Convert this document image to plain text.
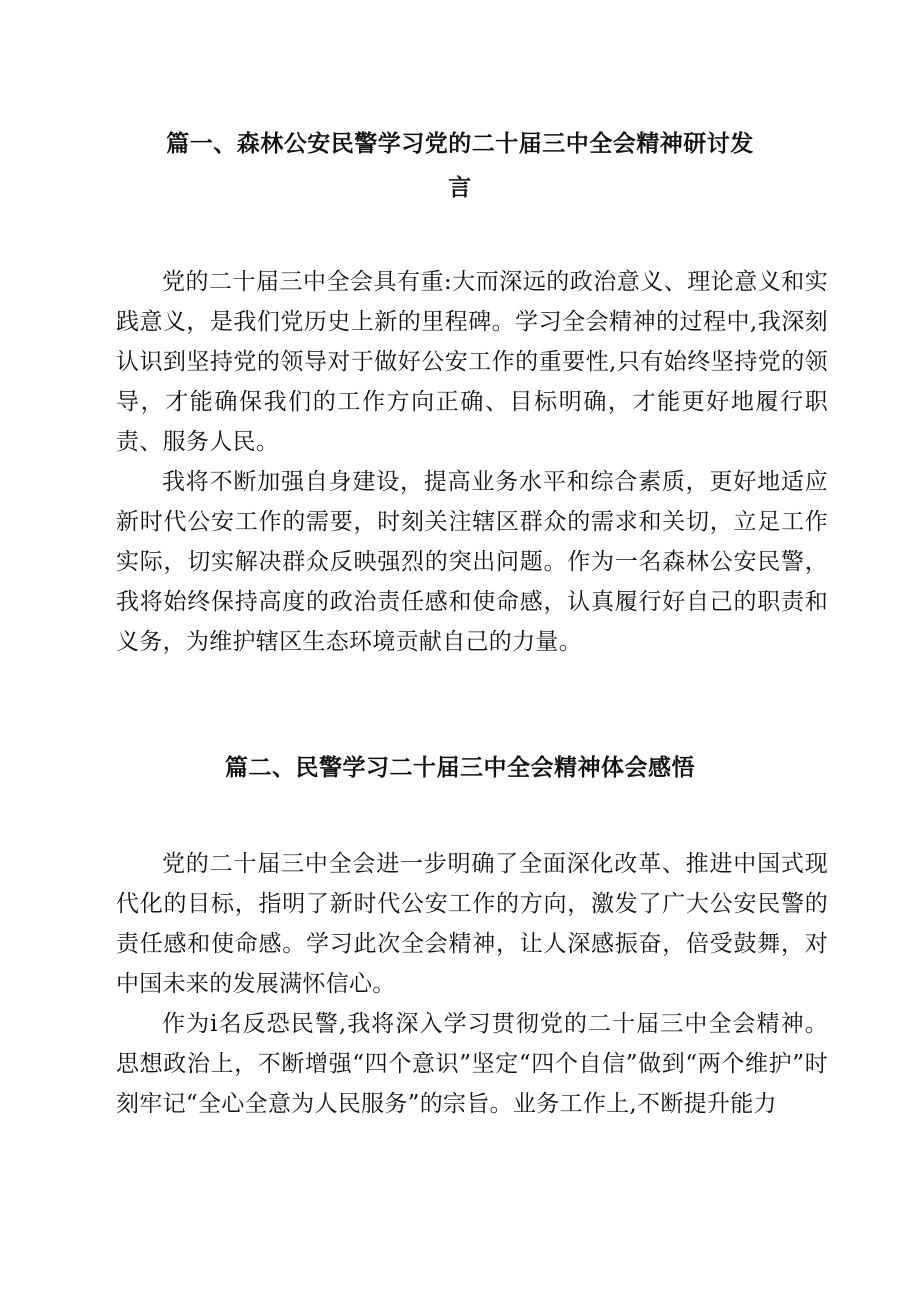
篇一、森林公安民警学习党的二十届三中全会精神研讨发
言

党的二十届三中全会具有重:大而深远的政治意义、理论意义和实践意义，是我们党历史上新的里程碑。学习全会精神的过程中,我深刻认识到坚持党的领导对于做好公安工作的重要性,只有始终坚持党的领导，才能确保我们的工作方向正确、目标明确，才能更好地履行职责、服务人民。

我将不断加强自身建设，提高业务水平和综合素质，更好地适应新时代公安工作的需要，时刻关注辖区群众的需求和关切，立足工作实际，切实解决群众反映强烈的突出问题。作为一名森林公安民警，我将始终保持高度的政治责任感和使命感，认真履行好自己的职责和义务，为维护辖区生态环境贡献自己的力量。

篇二、民警学习二十届三中全会精神体会感悟

党的二十届三中全会进一步明确了全面深化改革、推进中国式现代化的目标，指明了新时代公安工作的方向，激发了广大公安民警的责任感和使命感。学习此次全会精神，让人深感振奋，倍受鼓舞，对中国未来的发展满怀信心。

作为i名反恐民警,我将深入学习贯彻党的二十届三中全会精神。思想政治上，不断增强“四个意识”坚定“四个自信”做到“两个维护”时刻牢记“全心全意为人民服务”的宗旨。业务工作上,不断提升能力
